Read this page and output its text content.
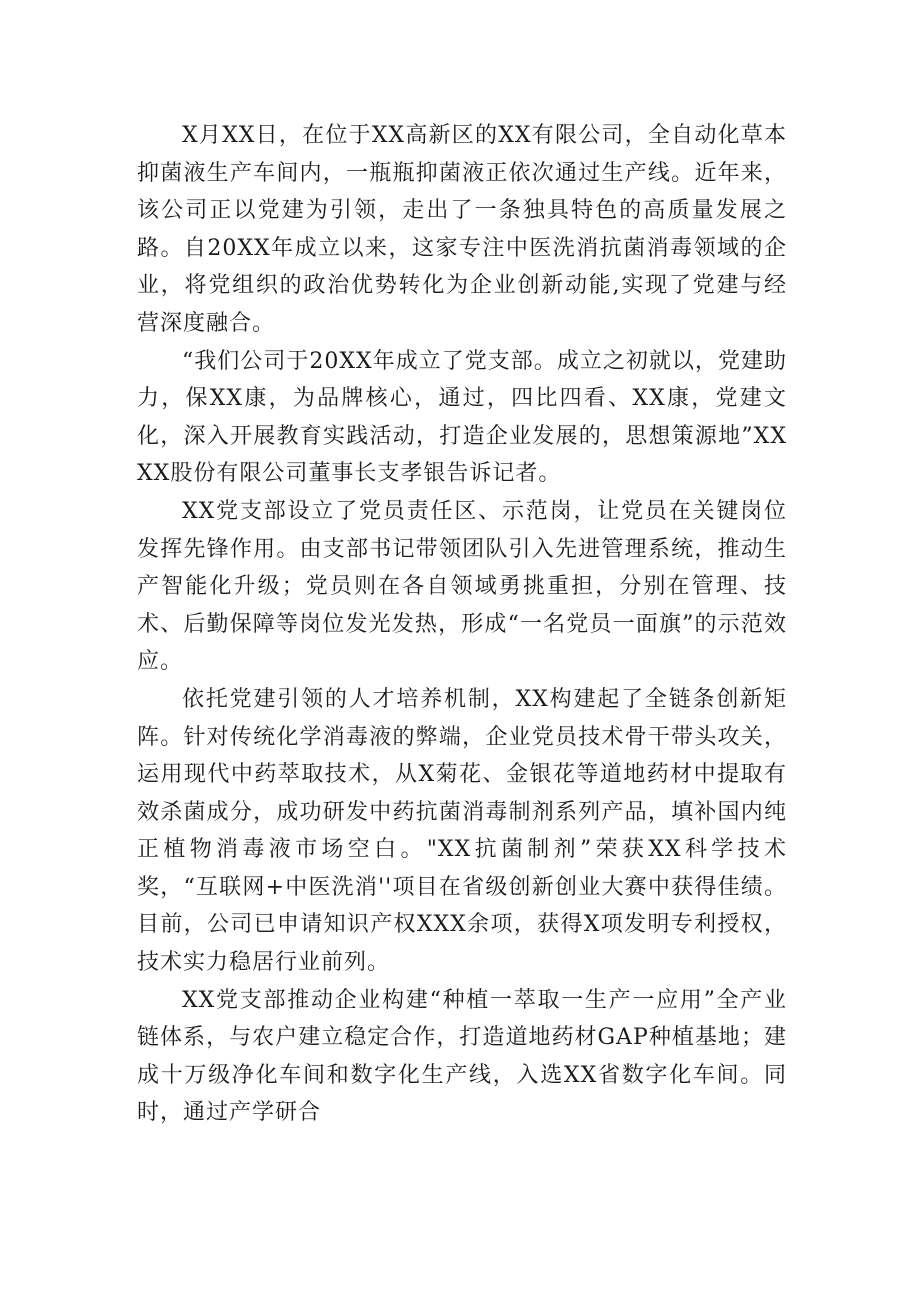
X月XX日，在位于XX高新区的XX有限公司，全自动化草本抑菌液生产车间内，一瓶瓶抑菌液正依次通过生产线。近年来，该公司正以党建为引领，走出了一条独具特色的高质量发展之路。自20XX年成立以来，这家专注中医洗消抗菌消毒领域的企业，将党组织的政治优势转化为企业创新动能,实现了党建与经营深度融合。

“我们公司于20XX年成立了党支部。成立之初就以，党建助力，保XX康，为品牌核心，通过，四比四看、XX康，党建文化，深入开展教育实践活动，打造企业发展的，思想策源地”XXXX股份有限公司董事长支孝银告诉记者。

XX党支部设立了党员责任区、示范岗，让党员在关键岗位发挥先锋作用。由支部书记带领团队引入先进管理系统，推动生产智能化升级；党员则在各自领域勇挑重担，分别在管理、技术、后勤保障等岗位发光发热，形成“一名党员一面旗”的示范效应。

依托党建引领的人才培养机制，XX构建起了全链条创新矩阵。针对传统化学消毒液的弊端，企业党员技术骨干带头攻关，运用现代中药萃取技术，从X菊花、金银花等道地药材中提取有效杀菌成分，成功研发中药抗菌消毒制剂系列产品，填补国内纯正植物消毒液市场空白。"XX抗菌制剂”荣获XX科学技术奖，“互联网+中医洗消''项目在省级创新创业大赛中获得佳绩。目前，公司已申请知识产权XXX余项，获得X项发明专利授权，技术实力稳居行业前列。

XX党支部推动企业构建“种植一萃取一生产一应用”全产业链体系，与农户建立稳定合作，打造道地药材GAP种植基地；建成十万级净化车间和数字化生产线，入选XX省数字化车间。同时，通过产学研合
